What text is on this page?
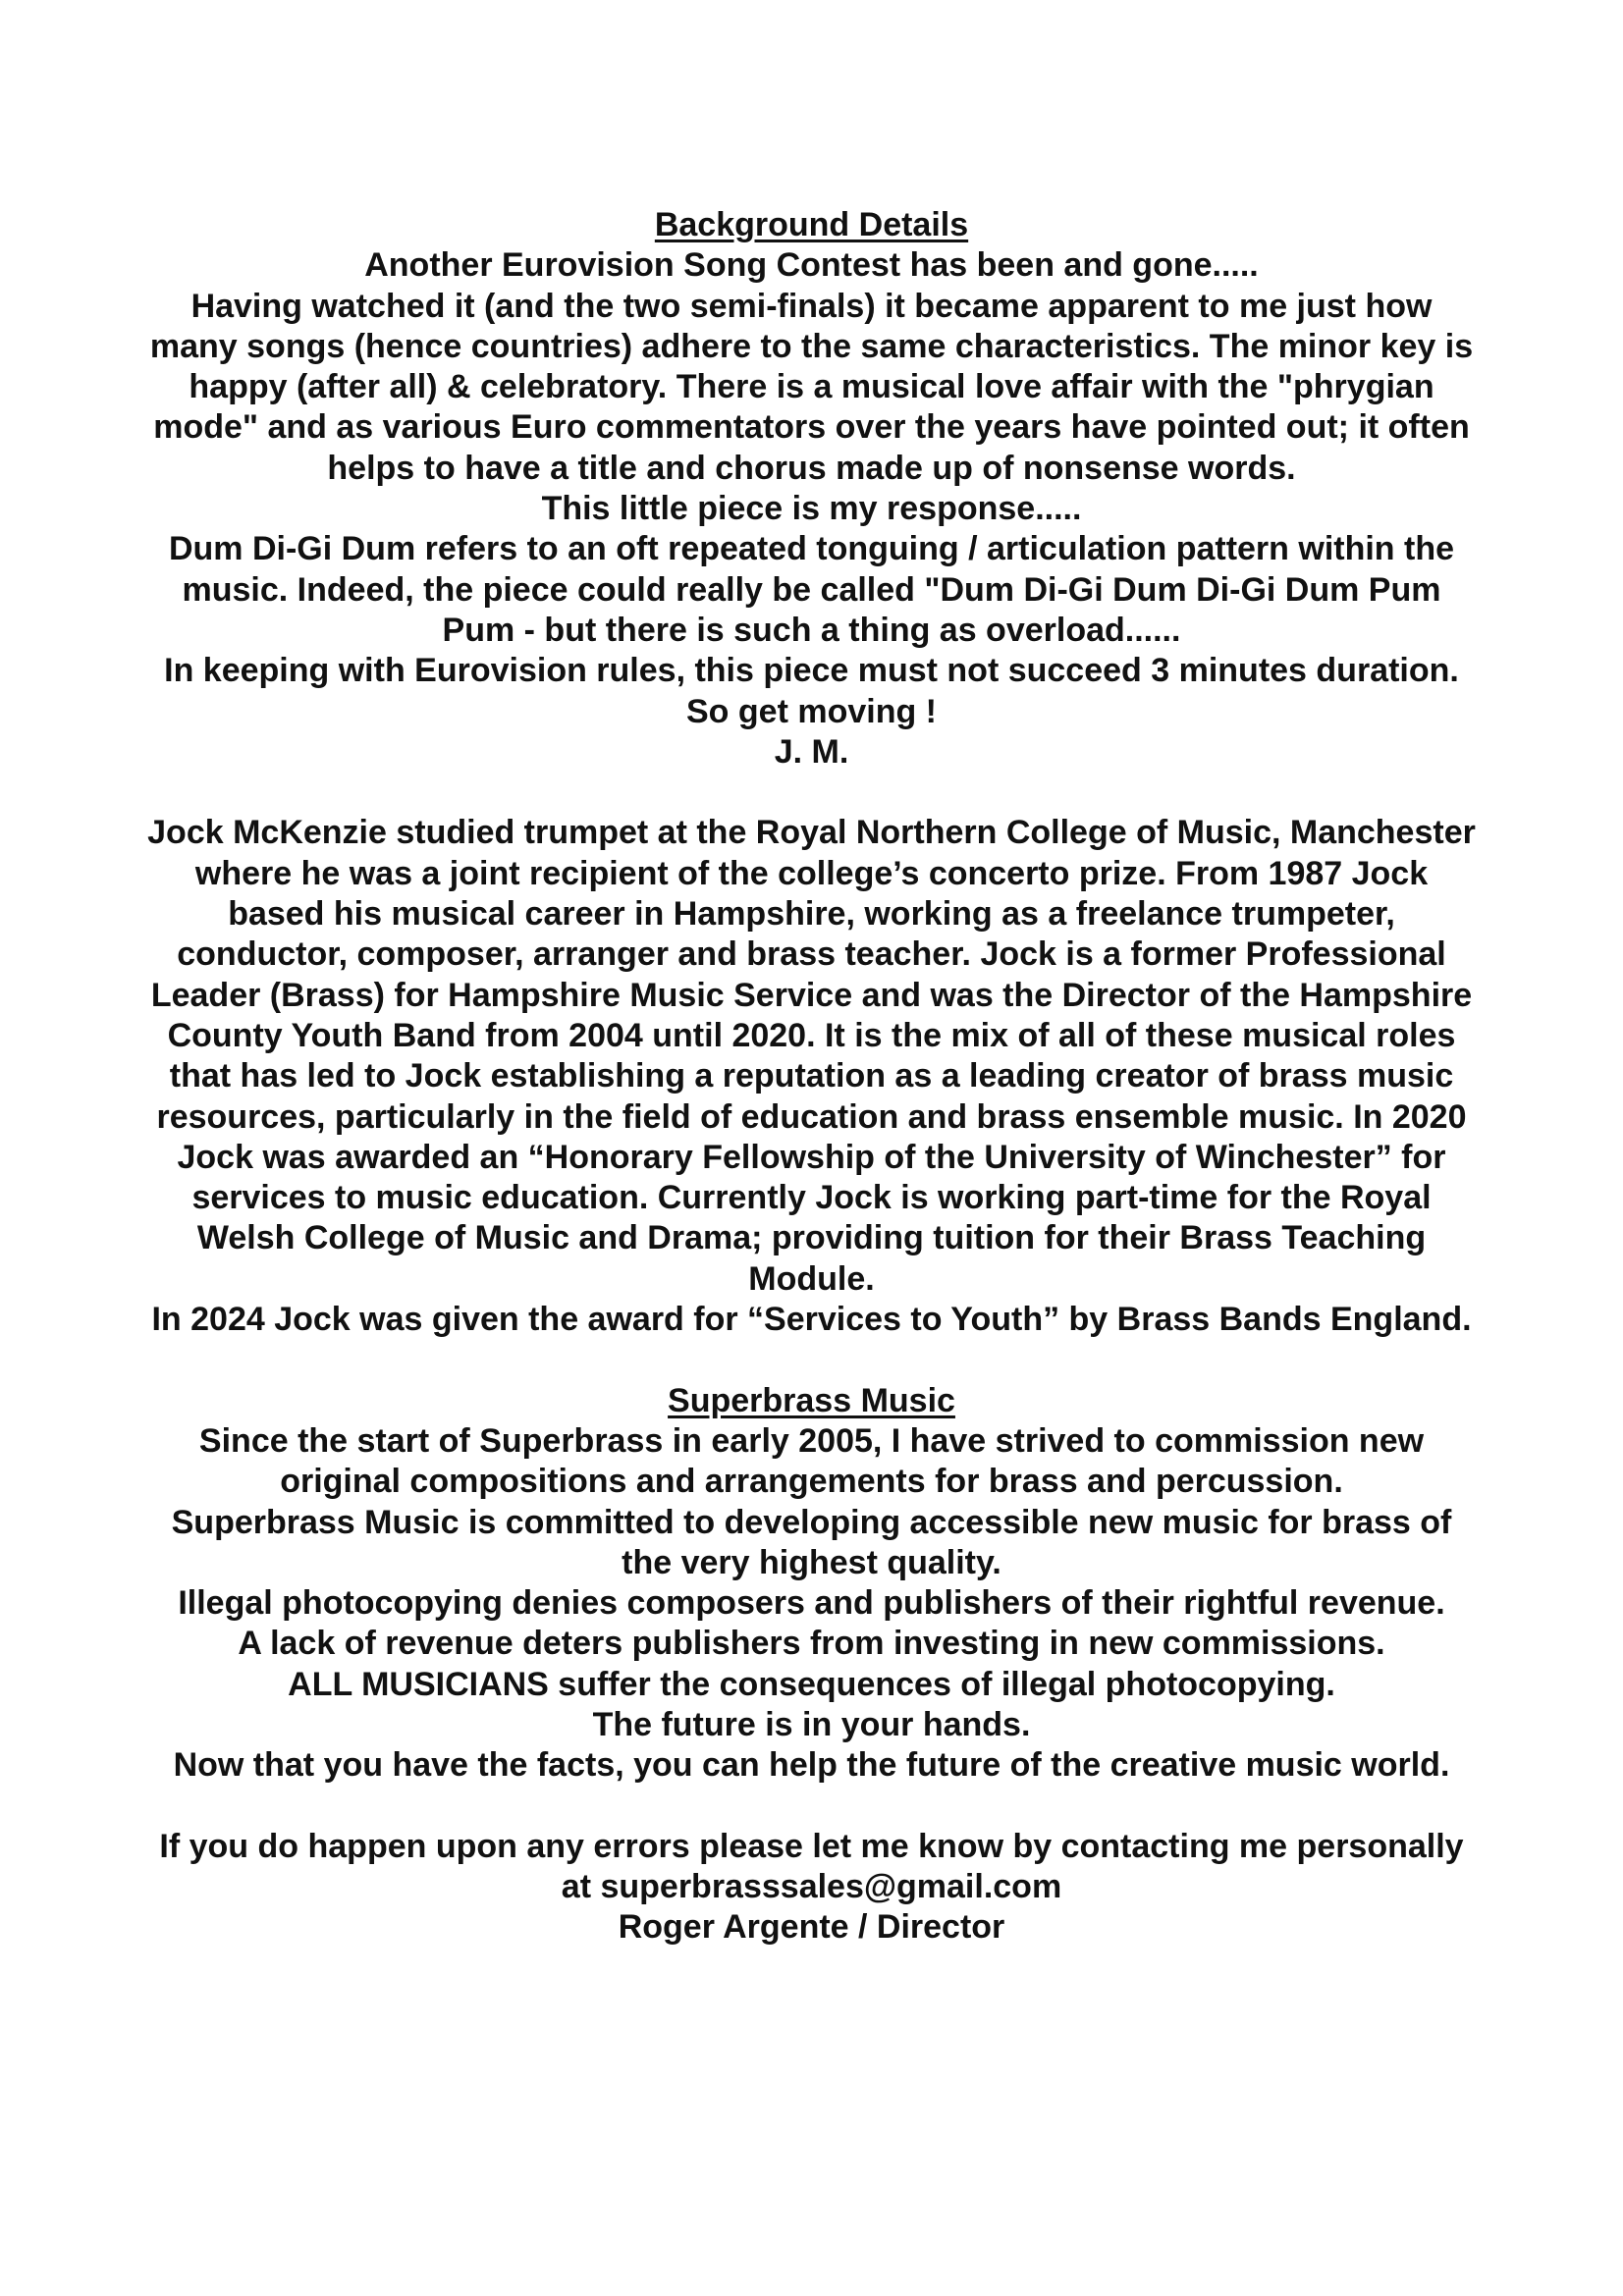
Background Details

Another Eurovision Song Contest has been and gone.....

Having watched it (and the two semi-finals) it became apparent to me just how many songs (hence countries) adhere to the same characteristics. The minor key is happy (after all) & celebratory. There is a musical love affair with the "phrygian mode" and as various Euro commentators over the years have pointed out; it often helps to have a title and chorus made up of nonsense words.

This little piece is my response.....

Dum Di-Gi Dum refers to an oft repeated tonguing / articulation pattern within the music. Indeed, the piece could really be called "Dum Di-Gi Dum Di-Gi Dum Pum Pum - but there is such a thing as overload......

In keeping with Eurovision rules, this piece must not succeed 3 minutes duration. So get moving !

J. M.

Jock McKenzie studied trumpet at the Royal Northern College of Music, Manchester where he was a joint recipient of the college’s concerto prize. From 1987 Jock based his musical career in Hampshire, working as a freelance trumpeter, conductor, composer, arranger and brass teacher. Jock is a former Professional Leader (Brass) for Hampshire Music Service and was the Director of the Hampshire County Youth Band from 2004 until 2020. It is the mix of all of these musical roles that has led to Jock establishing a reputation as a leading creator of brass music resources, particularly in the field of education and brass ensemble music. In 2020 Jock was awarded an “Honorary Fellowship of the University of Winchester” for services to music education. Currently Jock is working part-time for the Royal Welsh College of Music and Drama; providing tuition for their Brass Teaching Module.

In 2024 Jock was given the award for “Services to Youth” by Brass Bands England.

Superbrass Music

Since the start of Superbrass in early 2005, I have strived to commission new original compositions and arrangements for brass and percussion.

Superbrass Music is committed to developing accessible new music for brass of the very highest quality.

Illegal photocopying denies composers and publishers of their rightful revenue.

A lack of revenue deters publishers from investing in new commissions.

ALL MUSICIANS suffer the consequences of illegal photocopying.

The future is in your hands.

Now that you have the facts, you can help the future of the creative music world.

If you do happen upon any errors please let me know by contacting me personally at superbrasssales@gmail.com

Roger Argente / Director
